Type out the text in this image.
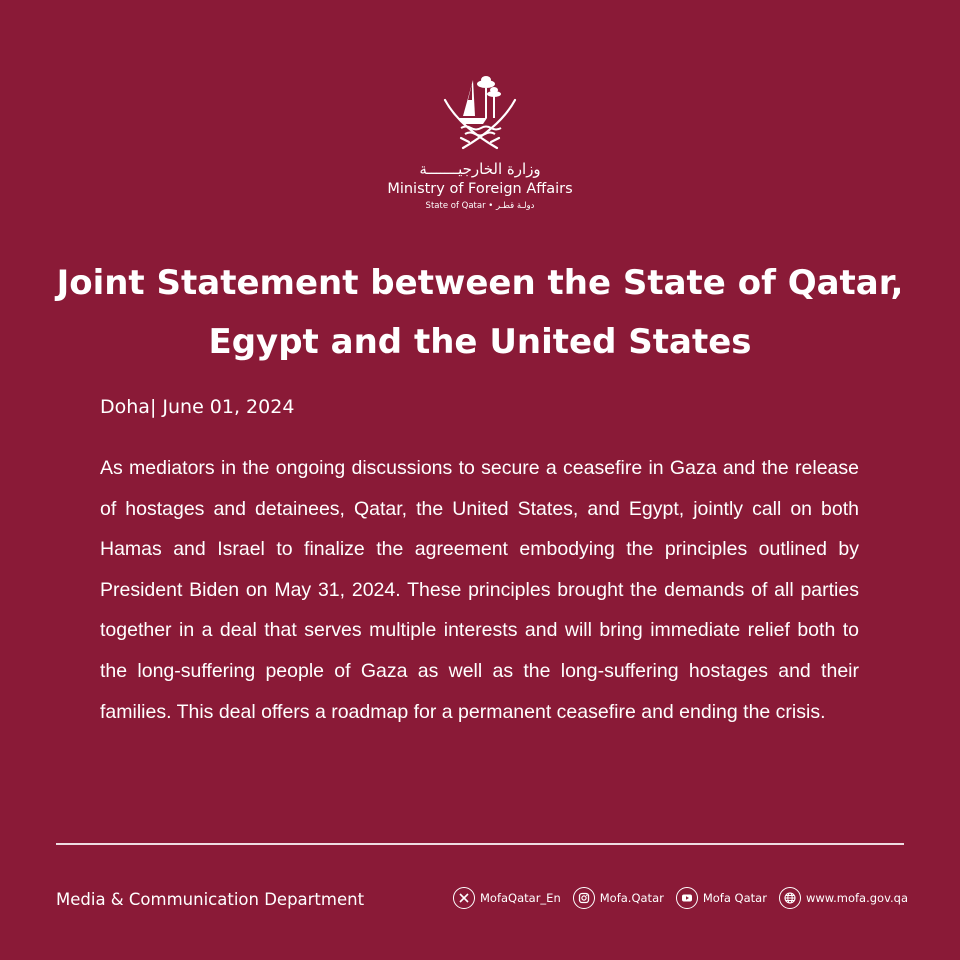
وزارة الخارجيـــــــة
Ministry of Foreign Affairs
State of Qatar • دولـة قطـر
Joint Statement between the State of Qatar, Egypt and the United States
Doha| June 01, 2024

As mediators in the ongoing discussions to secure a ceasefire in Gaza and the release of hostages and detainees, Qatar, the United States, and Egypt, jointly call on both Hamas and Israel to finalize the agreement embodying the principles outlined by President Biden on May 31, 2024. These principles brought the demands of all parties together in a deal that serves multiple interests and will bring immediate relief both to the long-suffering people of Gaza as well as the long-suffering hostages and their families. This deal offers a roadmap for a permanent ceasefire and ending the crisis.

Media & Communication Department	MofaQatar_En	Mofa.Qatar	Mofa Qatar	www.mofa.gov.qa
